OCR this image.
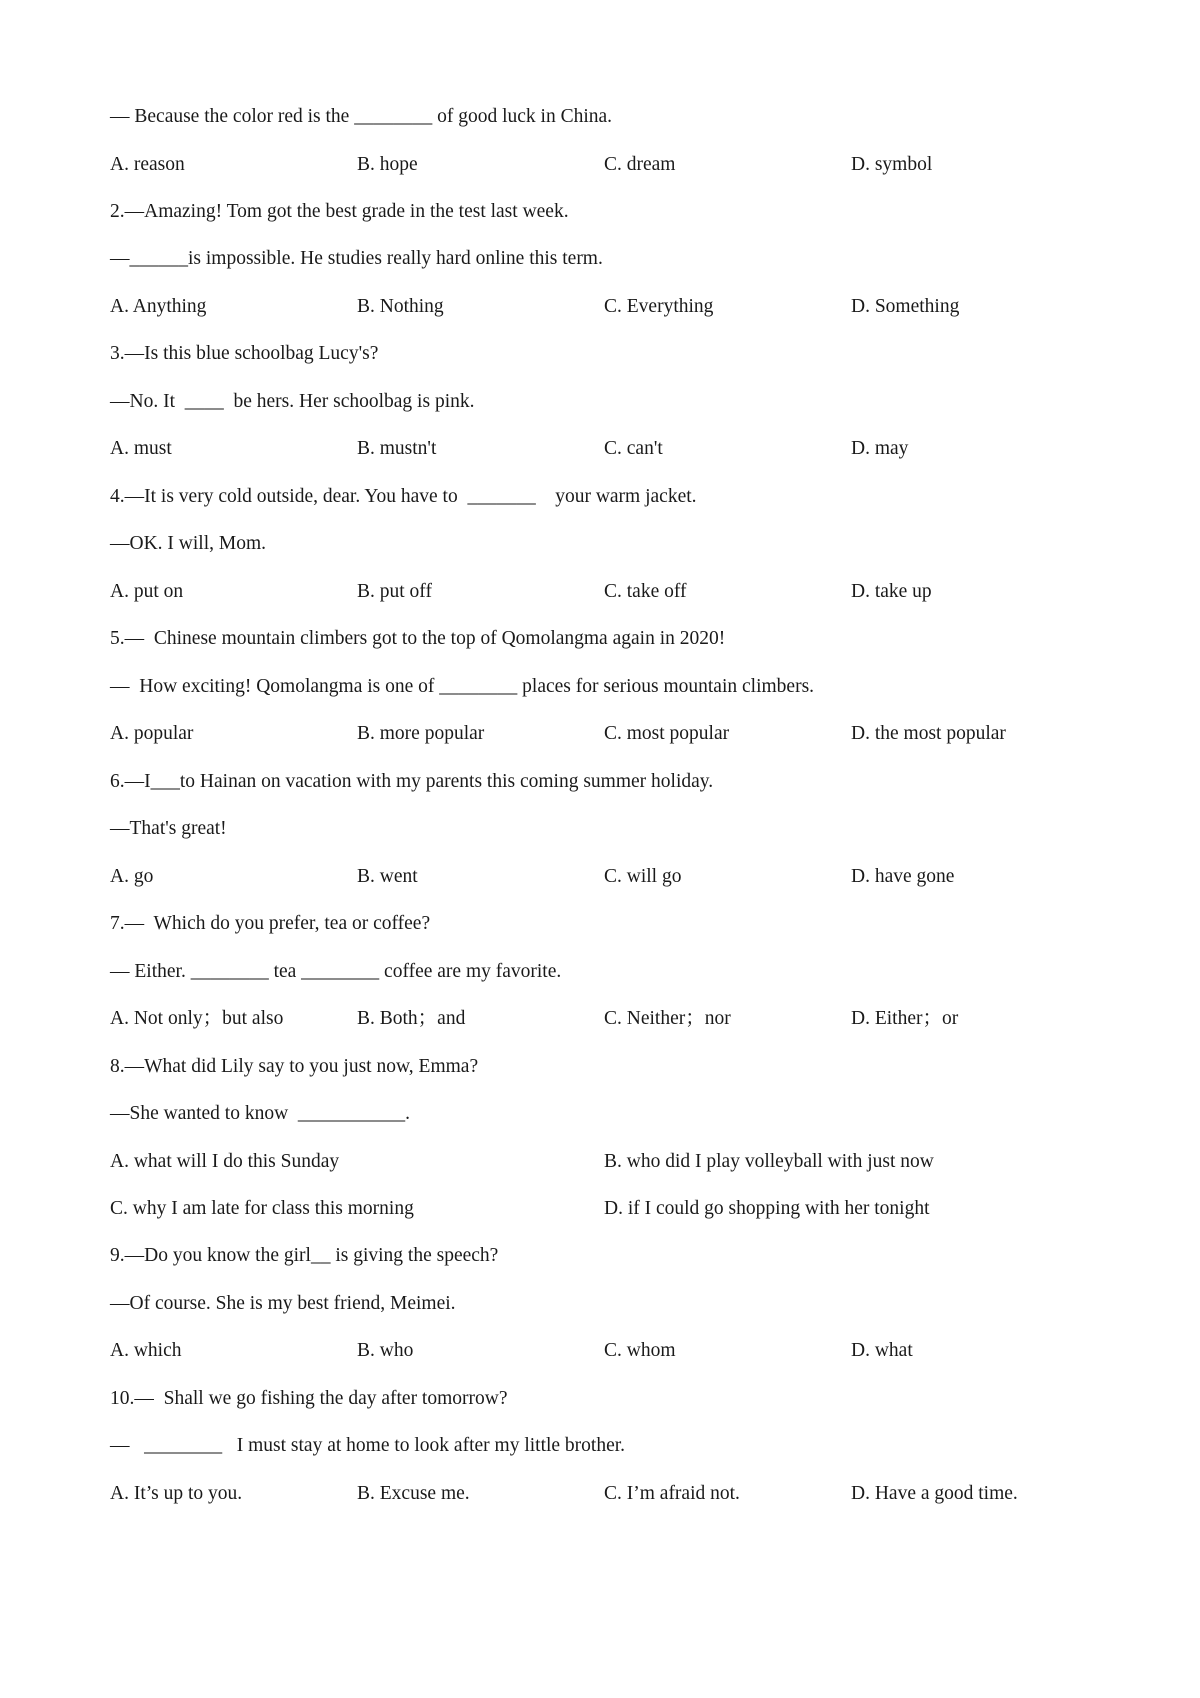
— Because the color red is the ________ of good luck in China.
A. reason	B. hope	C. dream	D. symbol
2.—Amazing! Tom got the best grade in the test last week.
—______is impossible. He studies really hard online this term.
A. Anything	B. Nothing	C. Everything	D. Something
3.—Is this blue schoolbag Lucy's?
—No. It  ____  be hers. Her schoolbag is pink.
A. must	B. mustn't	C. can't	D. may
4.—It is very cold outside, dear. You have to  _______    your warm jacket.
—OK. I will, Mom.
A. put on	B. put off	C. take off	D. take up
5.—  Chinese mountain climbers got to the top of Qomolangma again in 2020!
—  How exciting! Qomolangma is one of ________ places for serious mountain climbers.
A. popular	B. more popular	C. most popular	D. the most popular
6.—I___to Hainan on vacation with my parents this coming summer holiday.
—That's great!
A. go	B. went	C. will go	D. have gone
7.—  Which do you prefer, tea or coffee?
— Either. ________ tea ________ coffee are my favorite.
A. Not only；but also	B. Both；and	C. Neither；nor	D. Either；or
8.—What did Lily say to you just now, Emma?
—She wanted to know  ___________.
A. what will I do this Sunday	B. who did I play volleyball with just now
C. why I am late for class this morning	D. if I could go shopping with her tonight
9.—Do you know the girl__ is giving the speech?
—Of course. She is my best friend, Meimei.
A. which	B. who	C. whom	D. what
10.—  Shall we go fishing the day after tomorrow?
—   ________   I must stay at home to look after my little brother.
A. It’s up to you.	B. Excuse me.	C. I’m afraid not.	D. Have a good time.
